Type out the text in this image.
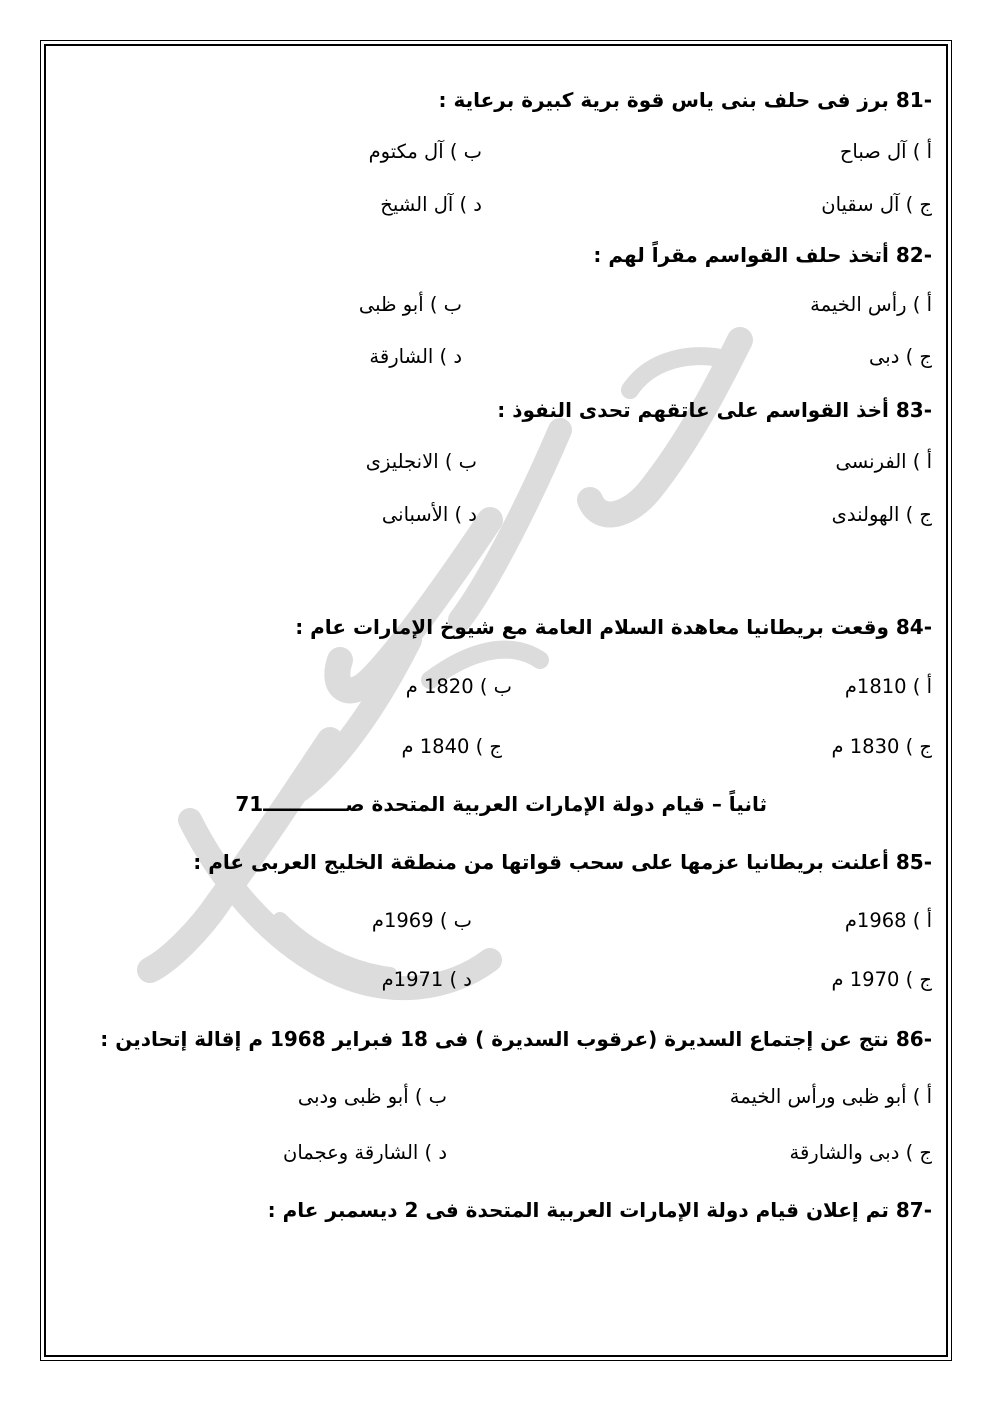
81- برز فى حلف بنى ياس قوة برية كبيرة برعاية :
أ ) آل صباح
ب ) آل مكتوم
ج ) آل سقيان
د ) آل الشيخ
82- أتخذ حلف القواسم مقراً لهم :
أ ) رأس الخيمة
ب ) أبو ظبى
ج ) دبى
د ) الشارقة
83- أخذ القواسم على عاتقهم تحدى النفوذ :
أ ) الفرنسى
ب ) الانجليزى
ج ) الهولندى
د ) الأسبانى
84- وقعت بريطانيا معاهدة السلام العامة مع شيوخ الإمارات عام :
أ ) 1810م
ب ) 1820 م
ج ) 1830 م
ج ) 1840 م
ثانياً – قيام دولة الإمارات العربية المتحدة صــــــــــــ71
85- أعلنت بريطانيا عزمها على سحب قواتها من منطقة الخليج العربى عام :
أ ) 1968م
ب ) 1969م
ج ) 1970 م
د ) 1971م
86- نتج عن إجتماع السديرة (عرقوب السديرة ) فى 18 فبراير 1968 م إقالة إتحادين :
أ ) أبو ظبى ورأس الخيمة
ب ) أبو ظبى ودبى
ج ) دبى والشارقة
د ) الشارقة وعجمان
87- تم إعلان قيام دولة الإمارات العربية المتحدة فى 2 ديسمبر عام :
